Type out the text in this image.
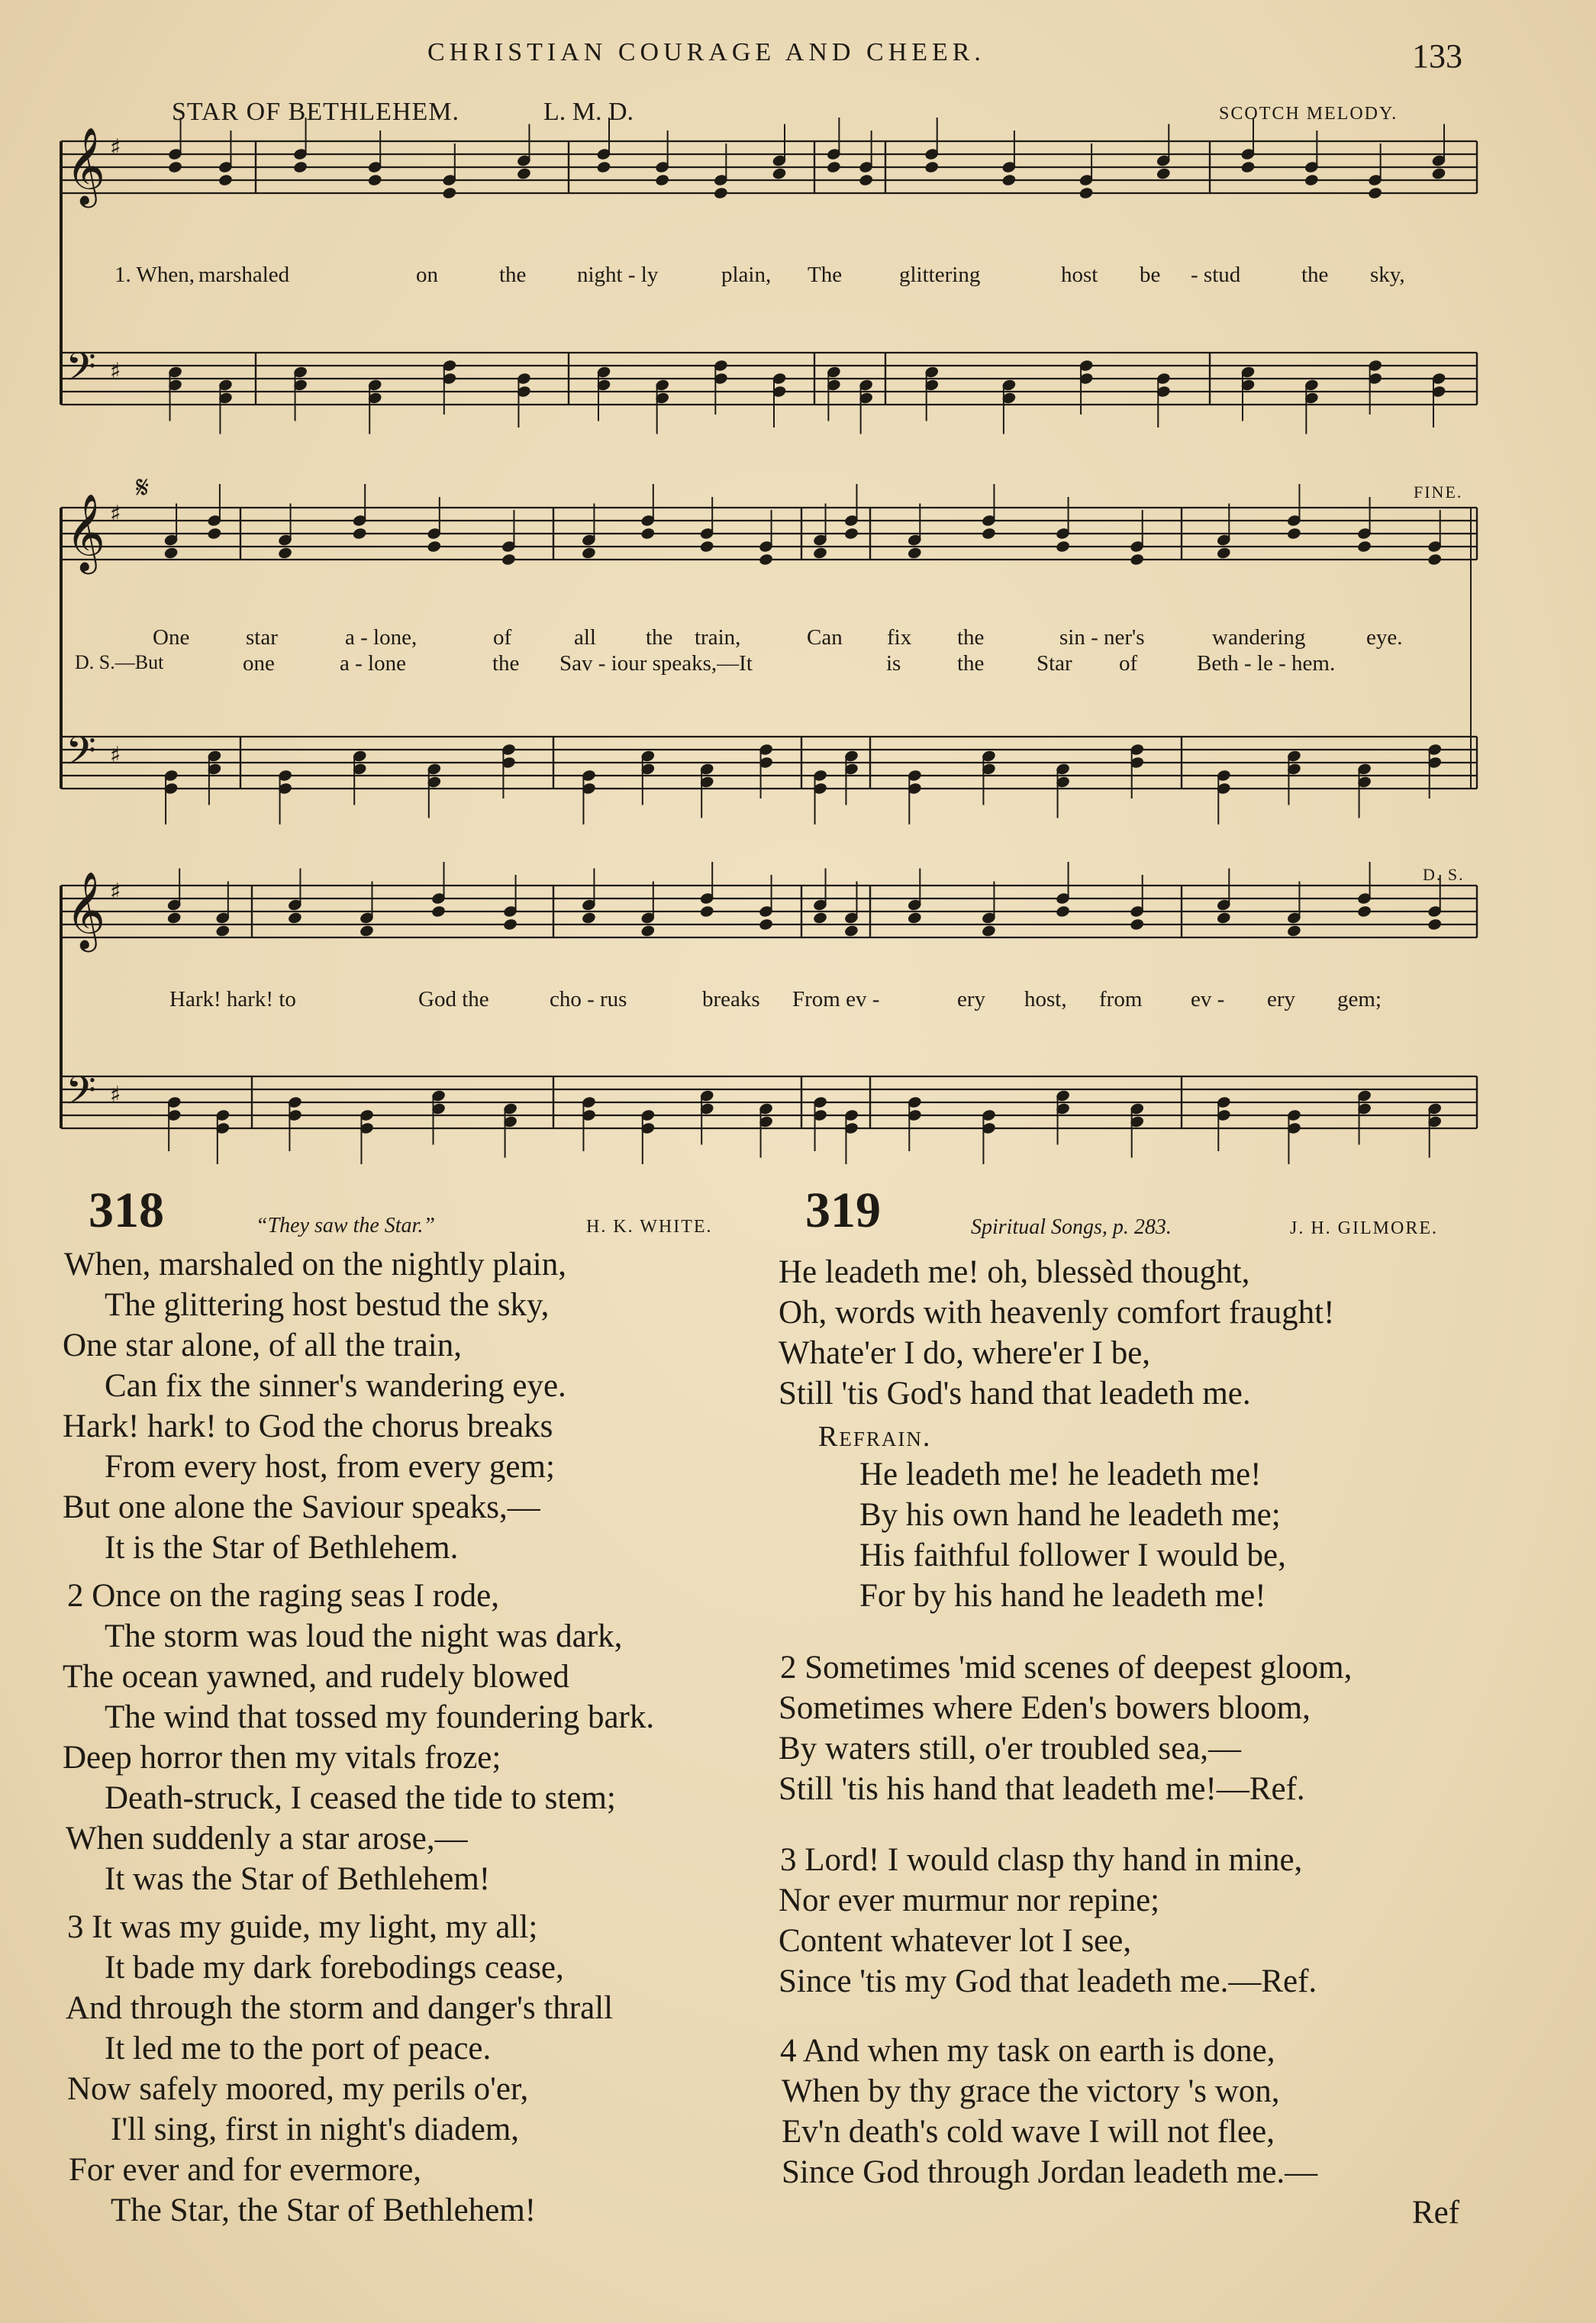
CHRISTIAN COURAGE AND CHEER.	133
STAR OF BETHLEHEM.	L. M. D.	SCOTCH MELODY.
𝄞 ♯
𝄢 ♯
𝄞 ♯
𝄢 ♯
𝄞 ♯
𝄢 ♯
𝄋
1. When, marshaled	on	the night - ly	plain, The	glittering	host be - stud	the sky,
FINE.
One	star	a - lone,	of	all the train,	Can fix the	sin - ner's	wandering	eye.
D. S.—But	one	a - lone	the Sav - iour speaks,—It	is	the Star of	Beth - le - hem.
D. S.
Hark! hark! to	God the	cho - rus	breaks From ev -	ery host, from ev - ery gem;
318	“They saw the Star.”	H. K. WHITE.
When, marshaled on the nightly plain,
The glittering host bestud the sky,
One star alone, of all the train,
Can fix the sinner's wandering eye.
Hark! hark! to God the chorus breaks
From every host, from every gem;
But one alone the Saviour speaks,—
It is the Star of Bethlehem.
2 Once on the raging seas I rode,
The storm was loud the night was dark,
The ocean yawned, and rudely blowed
The wind that tossed my foundering bark.
Deep horror then my vitals froze;
Death-struck, I ceased the tide to stem;
When suddenly a star arose,—
It was the Star of Bethlehem!
3 It was my guide, my light, my all;
It bade my dark forebodings cease,
And through the storm and danger's thrall
It led me to the port of peace.
Now safely moored, my perils o'er,
I'll sing, first in night's diadem,
For ever and for evermore,
The Star, the Star of Bethlehem!
319	Spiritual Songs, p. 283.	J. H. GILMORE.
He leadeth me! oh, blessèd thought,
Oh, words with heavenly comfort fraught!
Whate'er I do, where'er I be,
Still 'tis God's hand that leadeth me.
Refrain.
He leadeth me! he leadeth me!
By his own hand he leadeth me;
His faithful follower I would be,
For by his hand he leadeth me!
2 Sometimes 'mid scenes of deepest gloom,
Sometimes where Eden's bowers bloom,
By waters still, o'er troubled sea,—
Still 'tis his hand that leadeth me!—Ref.
3 Lord! I would clasp thy hand in mine,
Nor ever murmur nor repine;
Content whatever lot I see,
Since 'tis my God that leadeth me.—Ref.
4 And when my task on earth is done,
When by thy grace the victory 's won,
Ev'n death's cold wave I will not flee,
Since God through Jordan leadeth me.—
Ref
